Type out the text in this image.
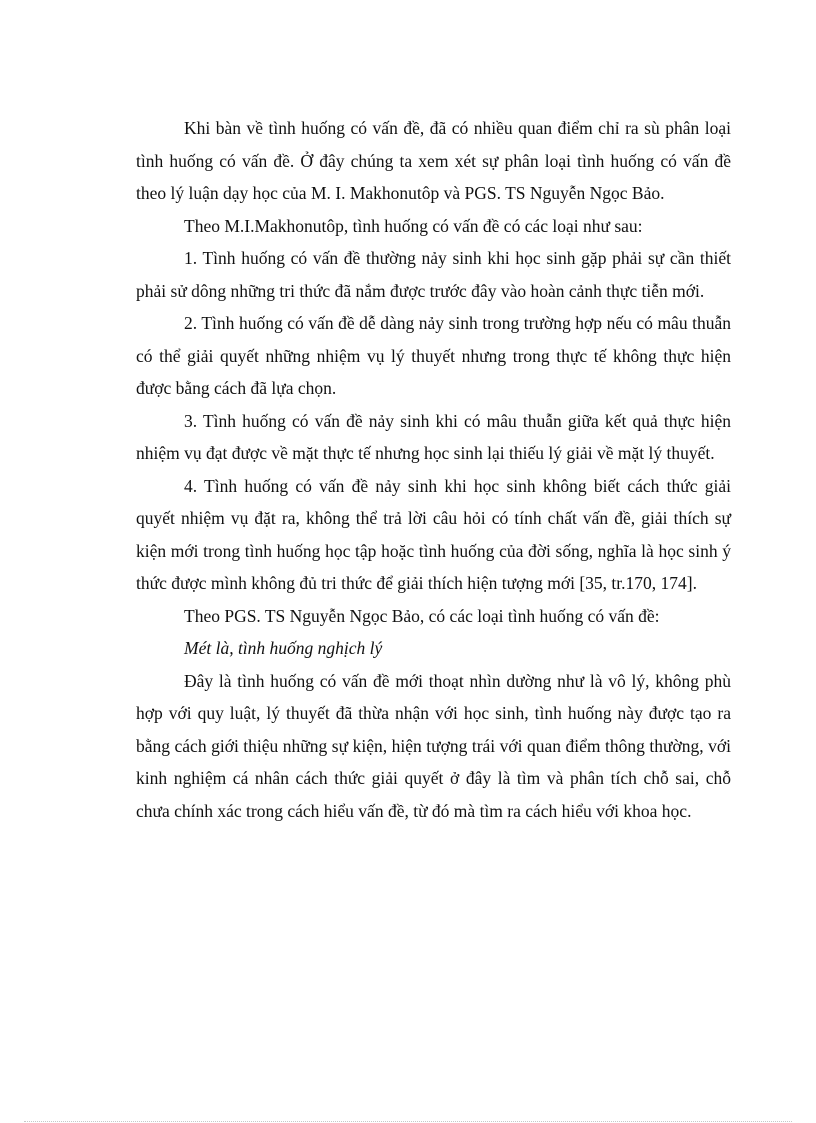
Khi bàn về tình huống có vấn đề, đã có nhiều quan điểm chỉ ra sù phân loại tình huống có vấn đề. Ở đây chúng ta xem xét sự phân loại tình huống có vấn đề theo lý luận dạy học của M. I. Makhonutôp và PGS. TS Nguyễn Ngọc Bảo.

Theo M.I.Makhonutôp, tình huống có vấn đề có các loại như sau:

1. Tình huống có vấn đề thường nảy sinh khi học sinh gặp phải sự cần thiết phải sử dông những tri thức đã nắm được trước đây vào hoàn cảnh thực tiễn mới.

2. Tình huống có vấn đề dễ dàng nảy sinh trong trường hợp nếu có mâu thuẫn có thể giải quyết những nhiệm vụ lý thuyết nhưng trong thực tế không thực hiện được bằng cách đã lựa chọn.

3. Tình huống có vấn đề nảy sinh khi có mâu thuẫn giữa kết quả thực hiện nhiệm vụ đạt được về mặt thực tế nhưng học sinh lại thiếu lý giải về mặt lý thuyết.

4. Tình huống có vấn đề nảy sinh khi học sinh không biết cách thức giải quyết nhiệm vụ đặt ra, không thể trả lời câu hỏi có tính chất vấn đề, giải thích sự kiện mới trong tình huống học tập hoặc tình huống của đời sống, nghĩa là học sinh ý thức được mình không đủ tri thức để giải thích hiện tượng mới [35, tr.170, 174].

Theo PGS. TS Nguyễn Ngọc Bảo, có các loại tình huống có vấn đề:

Mét là, tình huống nghịch lý

Đây là tình huống có vấn đề mới thoạt nhìn dường như là vô lý, không phù hợp với quy luật, lý thuyết đã thừa nhận với học sinh, tình huống này được tạo ra bằng cách giới thiệu những sự kiện, hiện tượng trái với quan điểm thông thường, với kinh nghiệm cá nhân cách thức giải quyết ở đây là tìm và phân tích chỗ sai, chỗ chưa chính xác trong cách hiểu vấn đề, từ đó mà tìm ra cách hiểu với khoa học.
